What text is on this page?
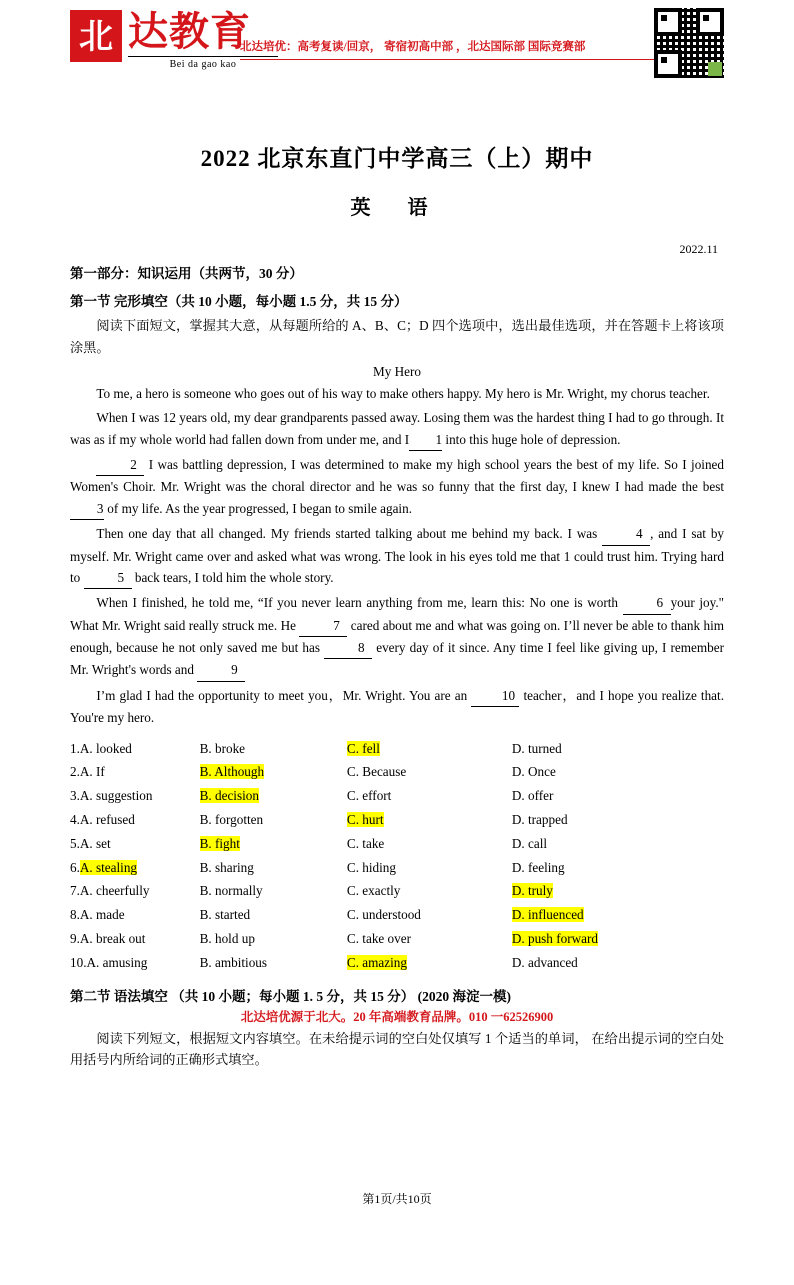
北 达教育
Bei da gao kao
北达培优：高考复读/回京， 寄宿初高中部 ，北达国际部 国际竞赛部
2022 北京东直门中学高三（上）期中
英 语
2022.11
第一部分：知识运用（共两节，30 分）
第一节 完形填空（共 10 小题，每小题 1.5 分，共 15 分）

阅读下面短文，掌握其大意，从每题所给的 A、B、C；D 四个选项中，选出最佳选项，并在答题卡上将该项涂黑。

My Hero

To me, a hero is someone who goes out of his way to make others happy. My hero is Mr. Wright, my chorus teacher.

When I was 12 years old, my dear grandparents passed away. Losing them was the hardest thing I had to go through. It was as if my whole world had fallen down from under me, and I 1 into this huge hole of depression.

2 I was battling depression, I was determined to make my high school years the best of my life. So I joined Women's Choir. Mr. Wright was the choral director and he was so funny that the first day, I knew I had made the best 3 of my life. As the year progressed, I began to smile again.

Then one day that all changed. My friends started talking about me behind my back. I was	4 , and I sat by myself. Mr. Wright came over and asked what was wrong. The look in his eyes told me that 1 could trust him. Trying hard to	5 back tears, I told him the whole story.

When I finished, he told me, “If you never learn anything from me, learn this: No one is worth	6 your joy." What Mr. Wright said really struck me. He	7 cared about me and what was going on. I’ll never be able to thank him enough, because he not only saved me but has	8 every day of it since. Any time I feel like giving up, I remember Mr. Wright's words and	9

I’m glad I had the opportunity to meet you，Mr. Wright. You are an	10 teacher，and I hope you realize that. You're my hero.

1.A. looked	B. broke	C. fell	D. turned
2.A. If	B. Although	C. Because	D. Once
3.A. suggestion	B. decision	C. effort	D. offer
4.A. refused	B. forgotten	C. hurt	D. trapped
5.A. set	B. fight	C. take	D. call
6.A. stealing	B. sharing	C. hiding	D. feeling
7.A. cheerfully	B. normally	C. exactly	D. truly
8.A. made	B. started	C. understood	D. influenced
9.A. break out	B. hold up	C. take over	D. push forward
10.A. amusing	B. ambitious	C. amazing	D. advanced
第二节 语法填空 （共 10 小题；每小题 1. 5 分，共 15 分） (2020 海淀一模)
北达培优源于北大。20 年高端教育品牌。010 一62526900

阅读下列短文，根据短文内容填空。在未给提示词的空白处仅填写 1 个适当的单词， 在给出提示词的空白处用括号内所给词的正确形式填空。

第1页/共10页
